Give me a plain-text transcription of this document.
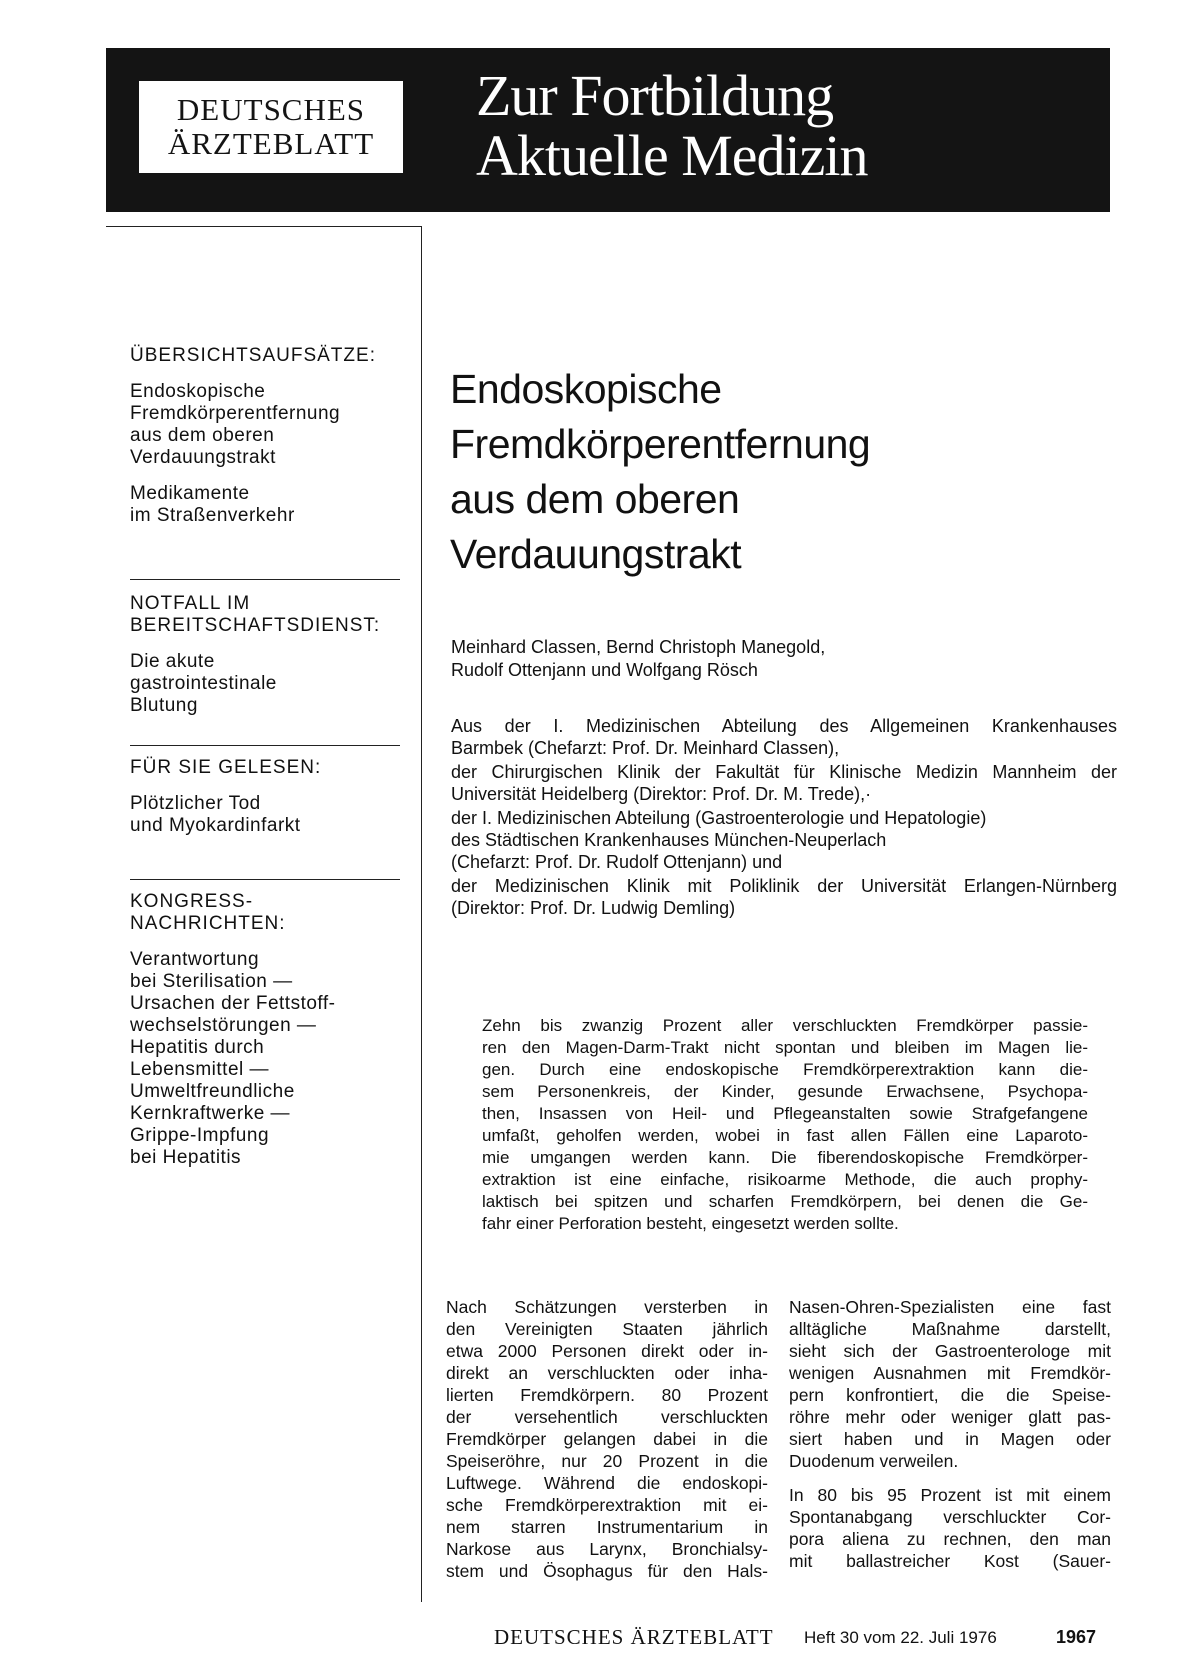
DEUTSCHES
ÄRZTEBLATT
Zur Fortbildung
Aktuelle Medizin
ÜBERSICHTSAUFSÄTZE:
Endoskopische
Fremdkörperentfernung
aus dem oberen
Verdauungstrakt
Medikamente
im Straßenverkehr
NOTFALL IM
BEREITSCHAFTSDIENST:
Die akute
gastrointestinale
Blutung
FÜR SIE GELESEN:
Plötzlicher Tod
und Myokardinfarkt
KONGRESS-
NACHRICHTEN:
Verantwortung
bei Sterilisation —
Ursachen der Fettstoff-
wechselstörungen —
Hepatitis durch
Lebensmittel —
Umweltfreundliche
Kernkraftwerke —
Grippe-Impfung
bei Hepatitis
Endoskopische
Fremdkörperentfernung
aus dem oberen
Verdauungstrakt
Meinhard Classen, Bernd Christoph Manegold,
Rudolf Ottenjann und Wolfgang Rösch
Aus der I. Medizinischen Abteilung des Allgemeinen Krankenhauses
Barmbek (Chefarzt: Prof. Dr. Meinhard Classen),
der Chirurgischen Klinik der Fakultät für Klinische Medizin Mannheim der
Universität Heidelberg (Direktor: Prof. Dr. M. Trede),·
der I. Medizinischen Abteilung (Gastroenterologie und Hepatologie)
des Städtischen Krankenhauses München-Neuperlach
(Chefarzt: Prof. Dr. Rudolf Ottenjann) und
der Medizinischen Klinik mit Poliklinik der Universität Erlangen-Nürnberg
(Direktor: Prof. Dr. Ludwig Demling)
Zehn bis zwanzig Prozent aller verschluckten Fremdkörper passie-
ren den Magen-Darm-Trakt nicht spontan und bleiben im Magen lie-
gen. Durch eine endoskopische Fremdkörperextraktion kann die-
sem Personenkreis, der Kinder, gesunde Erwachsene, Psychopa-
then, Insassen von Heil- und Pflegeanstalten sowie Strafgefangene
umfaßt, geholfen werden, wobei in fast allen Fällen eine Laparoto-
mie umgangen werden kann. Die fiberendoskopische Fremdkörper-
extraktion ist eine einfache, risikoarme Methode, die auch prophy-
laktisch bei spitzen und scharfen Fremdkörpern, bei denen die Ge-
fahr einer Perforation besteht, eingesetzt werden sollte.
Nach Schätzungen versterben in
den Vereinigten Staaten jährlich
etwa 2000 Personen direkt oder in-
direkt an verschluckten oder inha-
lierten Fremdkörpern. 80 Prozent
der versehentlich verschluckten
Fremdkörper gelangen dabei in die
Speiseröhre, nur 20 Prozent in die
Luftwege. Während die endoskopi-
sche Fremdkörperextraktion mit ei-
nem starren Instrumentarium in
Narkose aus Larynx, Bronchialsy-
stem und Ösophagus für den Hals-
Nasen-Ohren-Spezialisten eine fast
alltägliche Maßnahme darstellt,
sieht sich der Gastroenterologe mit
wenigen Ausnahmen mit Fremdkör-
pern konfrontiert, die die Speise-
röhre mehr oder weniger glatt pas-
siert haben und in Magen oder
Duodenum verweilen.
In 80 bis 95 Prozent ist mit einem
Spontanabgang verschluckter Cor-
pora aliena zu rechnen, den man
mit ballastreicher Kost (Sauer-
DEUTSCHES ÄRZTEBLATT Heft 30 vom 22. Juli 1976	1967
